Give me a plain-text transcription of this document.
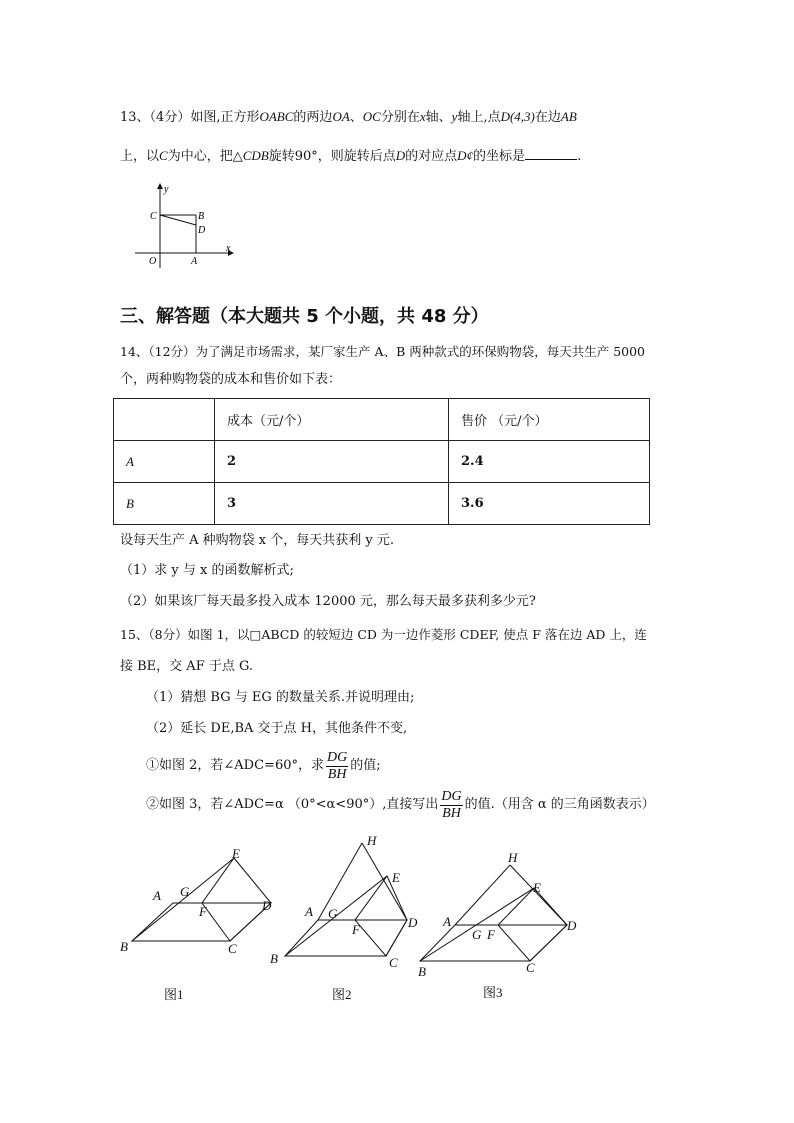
13、（4分）如图,正方形OABC的两边OA、OC分别在x轴、y轴上,点D(4,3)在边AB
上，以C为中心，把△CDB旋转90°，则旋转后点D的对应点D¢的坐标是	.
y
x
C	B
D
O	A
三、解答题（本大题共 5 个小题，共 48 分）
14、（12分）为了满足市场需求，某厂家生产 A、B 两种款式的环保购物袋，每天共生产 5000
个，两种购物袋的成本和售价如下表：
	成本（元/个）	售价 （元/个）
A	2	2.4
B	3	3.6
设每天生产 A 种购物袋 x 个，每天共获利 y 元.
（1）求 y 与 x 的函数解析式;
（2）如果该厂每天最多投入成本 12000 元，那么每天最多获利多少元?
15、（8分）如图 1，以□ABCD 的较短边 CD 为一边作菱形 CDEF, 使点 F 落在边 AD 上，连
接 BE，交 AF 于点 G.
（1）猜想 BG 与 EG 的数量关系.并说明理由;
（2）延长 DE,BA 交于点 H，其他条件不变,
①如图 2，若∠ADC=60°，求 $\frac{DG}{BH}$ 的值;
②如图 3，若∠ADC=α （0°<α<90°）,直接写出 $\frac{DG}{BH}$ 的值.（用含 α 的三角函数表示）
E
A G
F	D
B	C
图1
H
E
A G
F	D
B	C
图2
H
E
A
G F
D
B	C
图3
